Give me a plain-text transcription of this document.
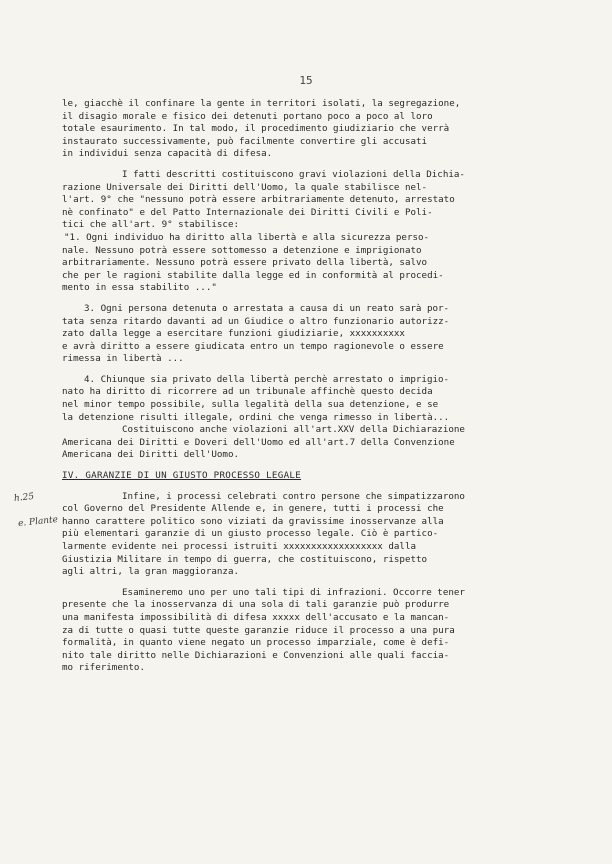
15
le, giacchè il confinare la gente in territori isolati, la segregazione,
il disagio morale e fisico dei detenuti portano poco a poco al loro
totale esaurimento. In tal modo, il procedimento giudiziario che verrà
instaurato successivamente, può facilmente convertire gli accusati
in individui senza capacità di difesa.
I fatti descritti costituiscono gravi violazioni della Dichia-
razione Universale dei Diritti dell'Uomo, la quale stabilisce nel-
l'art. 9° che "nessuno potrà essere arbitrariamente detenuto, arrestato
nè confinato" e del Patto Internazionale dei Diritti Civili e Poli-
tici che all'art. 9° stabilisce:
"1. Ogni individuo ha diritto alla libertà e alla sicurezza perso-
nale. Nessuno potrà essere sottomesso a detenzione e imprigionato
arbitrariamente. Nessuno potrà essere privato della libertà, salvo
che per le ragioni stabilite dalla legge ed in conformità al procedi-
mento in essa stabilito ..."
3. Ogni persona detenuta o arrestata a causa di un reato sarà por-
tata senza ritardo davanti ad un Giudice o altro funzionario autorizz-
zato dalla legge a esercitare funzioni giudiziarie, xxxxxxxxxx
e avrà diritto a essere giudicata entro un tempo ragionevole o essere
rimessa in libertà ...
4. Chiunque sia privato della libertà perchè arrestato o imprigio-
nato ha diritto di ricorrere ad un tribunale affinchè questo decida
nel minor tempo possibile, sulla legalità della sua detenzione, e se
la detenzione risulti illegale, ordini che venga rimesso in libertà...
Costituiscono anche violazioni all'art.XXV della Dichiarazione
Americana dei Diritti e Doveri dell'Uomo ed all'art.7 della Convenzione
Americana dei Diritti dell'Uomo.
IV. GARANZIE DI UN GIUSTO PROCESSO LEGALE
Infine, i processi celebrati contro persone che simpatizzarono
col Governo del Presidente Allende e, in genere, tutti i processi che
hanno carattere politico sono viziati da gravissime inosservanze alla
più elementari garanzie di un giusto processo legale. Ciò è partico-
larmente evidente nei processi istruiti xxxxxxxxxxxxxxxxxx dalla
Giustizia Militare in tempo di guerra, che costituiscono, rispetto
agli altri, la gran maggioranza.
Esamineremo uno per uno tali tipi di infrazioni. Occorre tener
presente che la inosservanza di una sola di tali garanzie può produrre
una manifesta impossibilità di difesa xxxxx dell'accusato e la mancan-
za di tutte o quasi tutte queste garanzie riduce il processo a una pura
formalità, in quanto viene negato un processo imparziale, come è defi-
nito tale diritto nelle Dichiarazioni e Convenzioni alle quali faccia-
mo riferimento.
h.25
e. Plante
